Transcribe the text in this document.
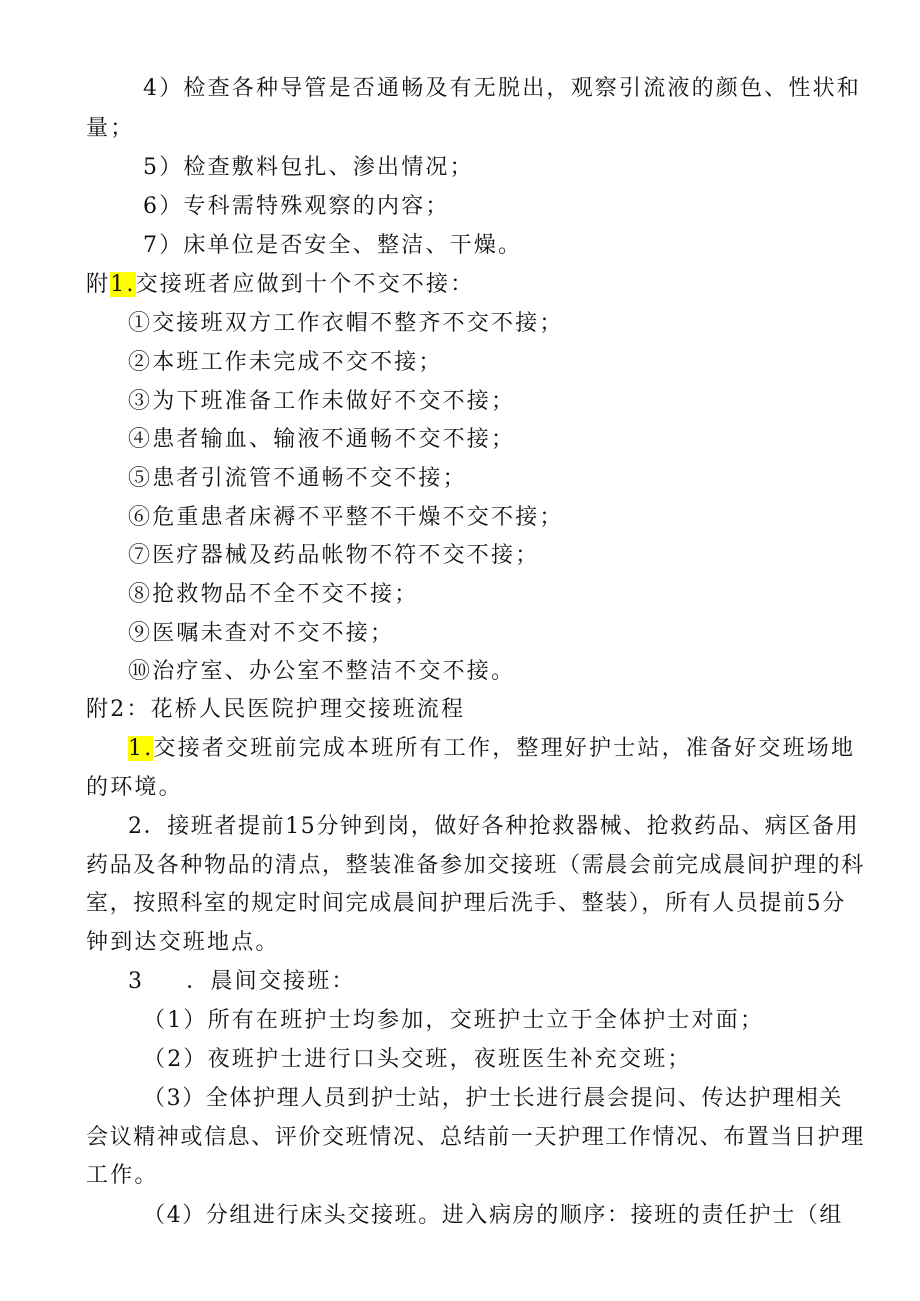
4）检查各种导管是否通畅及有无脱出，观察引流液的颜色、性状和
量；
5）检查敷料包扎、渗出情况；
6）专科需特殊观察的内容；
7）床单位是否安全、整洁、干燥。
附1.交接班者应做到十个不交不接：
①交接班双方工作衣帽不整齐不交不接；
②本班工作未完成不交不接；
③为下班准备工作未做好不交不接；
④患者输血、输液不通畅不交不接；
⑤患者引流管不通畅不交不接；
⑥危重患者床褥不平整不干燥不交不接；
⑦医疗器械及药品帐物不符不交不接；
⑧抢救物品不全不交不接；
⑨医嘱未查对不交不接；
⑩治疗室、办公室不整洁不交不接。
附2：花桥人民医院护理交接班流程
1.交接者交班前完成本班所有工作，整理好护士站，准备好交班场地
的环境。
2．接班者提前15分钟到岗，做好各种抢救器械、抢救药品、病区备用
药品及各种物品的清点，整装准备参加交接班（需晨会前完成晨间护理的科
室，按照科室的规定时间完成晨间护理后洗手、整装），所有人员提前5分
钟到达交班地点。
3 ．晨间交接班：
（1）所有在班护士均参加，交班护士立于全体护士对面；
（2）夜班护士进行口头交班，夜班医生补充交班；
（3）全体护理人员到护士站，护士长进行晨会提问、传达护理相关
会议精神或信息、评价交班情况、总结前一天护理工作情况、布置当日护理
工作。
（4）分组进行床头交接班。进入病房的顺序：接班的责任护士（组
